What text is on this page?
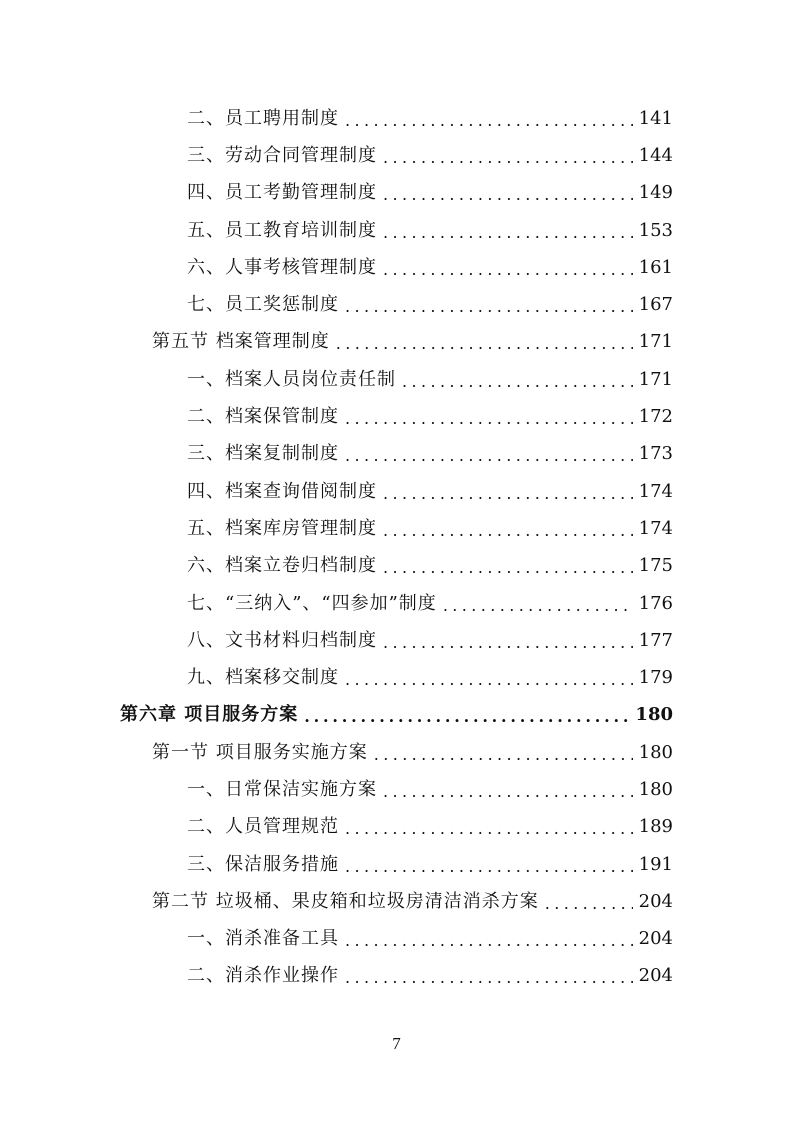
二、员工聘用制度 .....	141
三、劳动合同管理制度 .....	144
四、员工考勤管理制度 .....	149
五、员工教育培训制度 .....	153
六、人事考核管理制度 .....	161
七、员工奖惩制度 .....	167
第五节 档案管理制度 .....	171
一、档案人员岗位责任制 .....	171
二、档案保管制度 .....	172
三、档案复制制度 .....	173
四、档案查询借阅制度 .....	174
五、档案库房管理制度 .....	174
六、档案立卷归档制度 .....	175
七、“三纳入”、“四参加”制度 .....	176
八、文书材料归档制度 .....	177
九、档案移交制度 .....	179
第六章 项目服务方案 .....	180
第一节 项目服务实施方案 .....	180
一、日常保洁实施方案 .....	180
二、人员管理规范 .....	189
三、保洁服务措施 .....	191
第二节 垃圾桶、果皮箱和垃圾房清洁消杀方案 .....	204
一、消杀准备工具 .....	204
二、消杀作业操作 .....	204
7
